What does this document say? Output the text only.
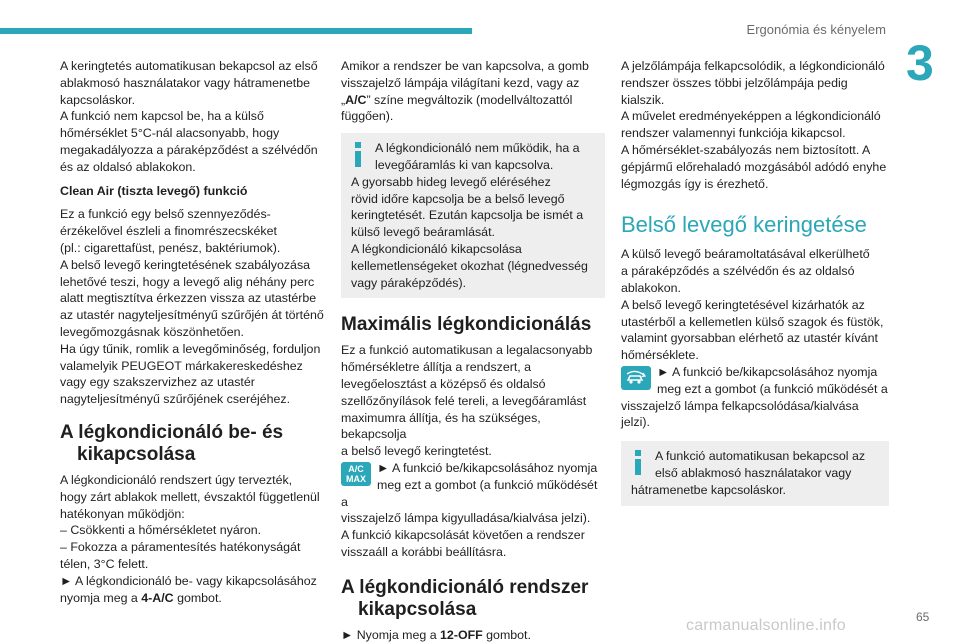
Ergonómia és kényelem
3
65
carmanualsonline.info

A keringtetés automatikusan bekapcsol az első
ablakmosó használatakor vagy hátramenetbe
kapcsoláskor.
A funkció nem kapcsol be, ha a külső
hőmérséklet 5°C-nál alacsonyabb, hogy
megakadályozza a páraképződést a szélvédőn
és az oldalsó ablakokon.

Clean Air (tiszta levegő) funkció

Ez a funkció egy belső szennyeződés-
érzékelővel észleli a finomrészecskéket
(pl.: cigarettafüst, penész, baktériumok).
A belső levegő keringtetésének szabályozása
lehetővé teszi, hogy a levegő alig néhány perc
alatt megtisztítva érkezzen vissza az utastérbe
az utastér nagyteljesítményű szűrőjén át történő
levegőmozgásnak köszönhetően.
Ha úgy tűnik, romlik a levegőminőség, forduljon
valamelyik PEUGEOT márkakereskedéshez
vagy egy szakszervizhez az utastér
nagyteljesítményű szűrőjének cseréjéhez.

A légkondicionáló be- és
kikapcsolása

A légkondicionáló rendszert úgy tervezték,
hogy zárt ablakok mellett, évszaktól függetlenül
hatékonyan működjön:
– Csökkenti a hőmérsékletet nyáron.
– Fokozza a páramentesítés hatékonyságát
télen, 3°C felett.
► A légkondicionáló be- vagy kikapcsolásához
nyomja meg a 4-A/C gombot.

Amikor a rendszer be van kapcsolva, a gomb
visszajelző lámpája világítani kezd, vagy az
„A/C” színe megváltozik (modellváltozattól
függően).

A légkondicionáló nem működik, ha a
levegőáramlás ki van kapcsolva.
A gyorsabb hideg levegő eléréséhez
rövid időre kapcsolja be a belső levegő
keringtetését. Ezután kapcsolja be ismét a
külső levegő beáramlását.
A légkondicionáló kikapcsolása
kellemetlenségeket okozhat (légnedvesség
vagy páraképződés).
Maximális légkondicionálás

Ez a funkció automatikusan a legalacsonyabb
hőmérsékletre állítja a rendszert, a
levegőelosztást a középső és oldalsó
szellőzőnyílások felé tereli, a levegőáramlást
maximumra állítja, és ha szükséges, bekapcsolja
a belső levegő keringtetést.

A/C
MAX
► A funkció be/kikapcsolásához nyomja
meg ezt a gombot (a funkció működését a
visszajelző lámpa kigyulladása/kialvása jelzi).
A funkció kikapcsolását követően a rendszer
visszaáll a korábbi beállításra.

A légkondicionáló rendszer
kikapcsolása

► Nyomja meg a 12-OFF gombot.

A jelzőlámpája felkapcsolódik, a légkondicionáló
rendszer összes többi jelzőlámpája pedig
kialszik.
A művelet eredményeképpen a légkondicionáló
rendszer valamennyi funkciója kikapcsol.
A hőmérséklet-szabályozás nem biztosított. A
gépjármű előrehaladó mozgásából adódó enyhe
légmozgás így is érezhető.

Belső levegő keringetése

A külső levegő beáramoltatásával elkerülhető
a páraképződés a szélvédőn és az oldalsó
ablakokon.
A belső levegő keringtetésével kizárhatók az
utastérből a kellemetlen külső szagok és füstök,
valamint gyorsabban elérhető az utastér kívánt
hőmérséklete.

► A funkció be/kikapcsolásához nyomja
meg ezt a gombot (a funkció működését a
visszajelző lámpa felkapcsolódása/kialvása
jelzi).

A funkció automatikusan bekapcsol az
első ablakmosó használatakor vagy
hátramenetbe kapcsoláskor.
